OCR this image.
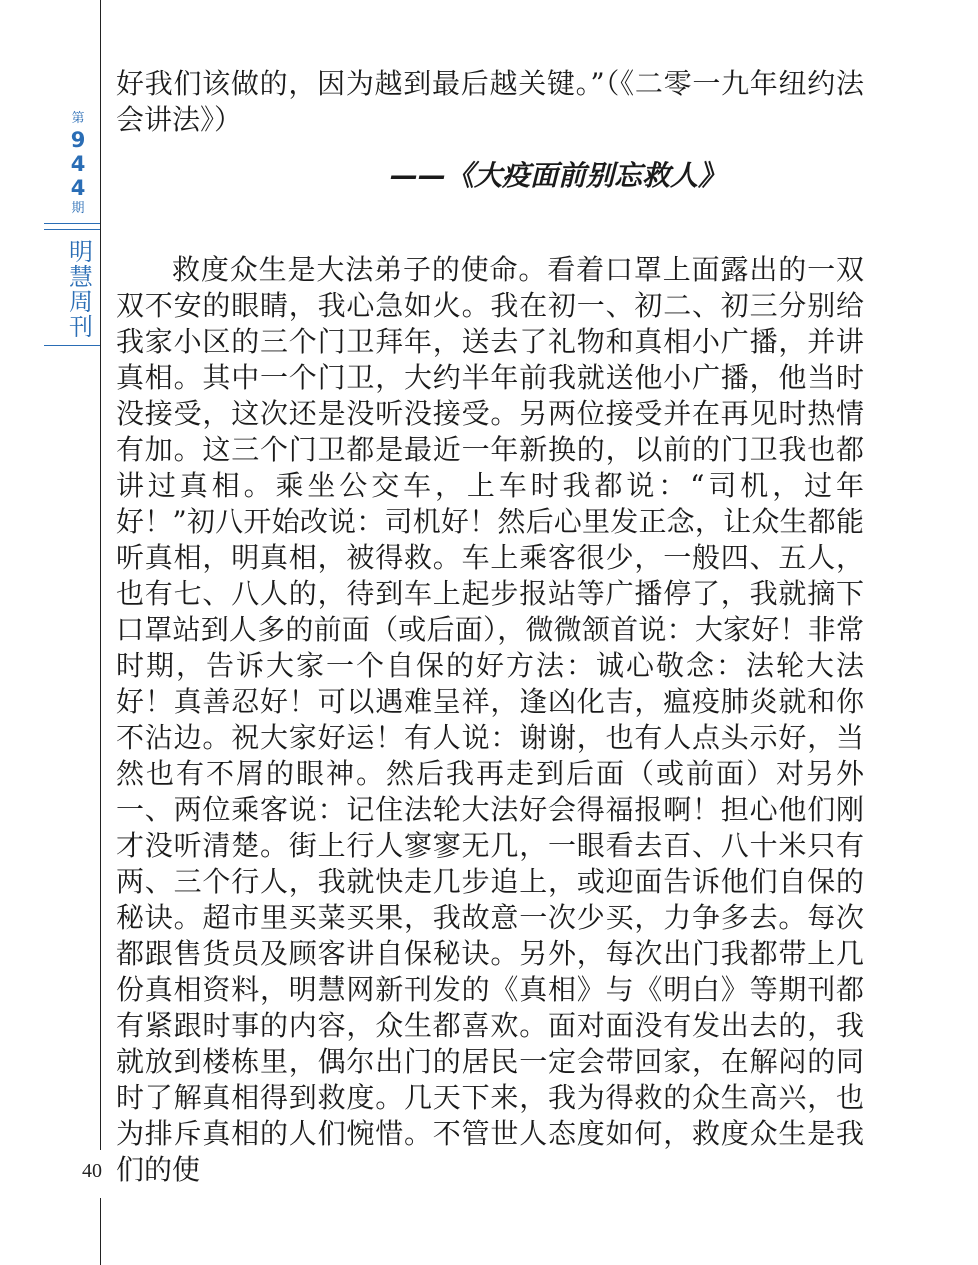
第
9
4
4
期
明
慧
周
刊
40

好我们该做的，因为越到最后越关键。”（《二零一九年纽约法会讲法》）

——《大疫面前别忘救人》

救度众生是大法弟子的使命。看着口罩上面露出的一双双不安的眼睛，我心急如火。我在初一、初二、初三分别给我家小区的三个门卫拜年，送去了礼物和真相小广播，并讲真相。其中一个门卫，大约半年前我就送他小广播，他当时没接受，这次还是没听没接受。另两位接受并在再见时热情有加。这三个门卫都是最近一年新换的，以前的门卫我也都讲过真相。乘坐公交车，上车时我都说：“司机，过年好！”初八开始改说：司机好！然后心里发正念，让众生都能听真相，明真相，被得救。车上乘客很少，一般四、五人，也有七、八人的，待到车上起步报站等广播停了，我就摘下口罩站到人多的前面（或后面），微微颔首说：大家好！非常时期，告诉大家一个自保的好方法：诚心敬念：法轮大法好！真善忍好！可以遇难呈祥，逢凶化吉，瘟疫肺炎就和你不沾边。祝大家好运！有人说：谢谢，也有人点头示好，当然也有不屑的眼神。然后我再走到后面（或前面）对另外一、两位乘客说：记住法轮大法好会得福报啊！担心他们刚才没听清楚。街上行人寥寥无几，一眼看去百、八十米只有两、三个行人，我就快走几步追上，或迎面告诉他们自保的秘诀。超市里买菜买果，我故意一次少买，力争多去。每次都跟售货员及顾客讲自保秘诀。另外，每次出门我都带上几份真相资料，明慧网新刊发的《真相》与《明白》等期刊都有紧跟时事的内容，众生都喜欢。面对面没有发出去的，我就放到楼栋里，偶尔出门的居民一定会带回家，在解闷的同时了解真相得到救度。几天下来，我为得救的众生高兴，也为排斥真相的人们惋惜。不管世人态度如何，救度众生是我们的使
